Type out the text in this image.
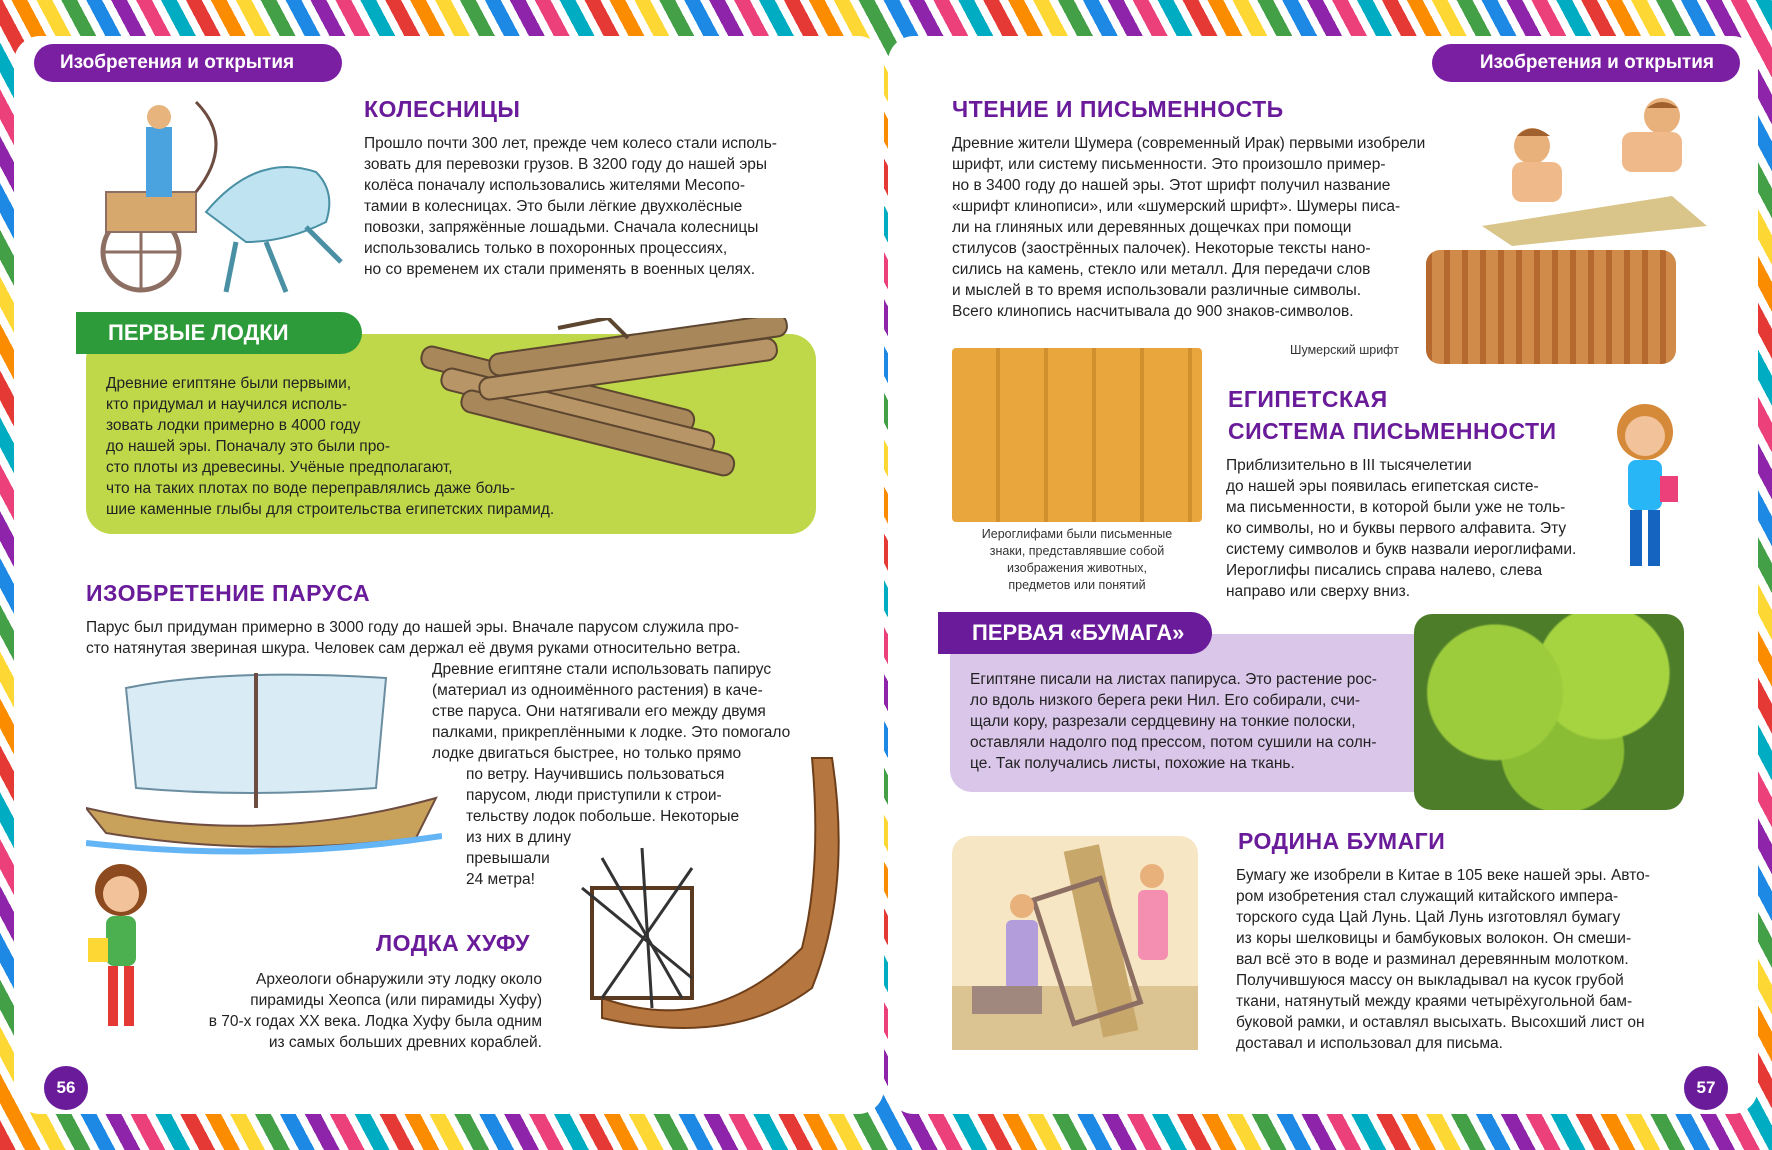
Изобретения и открытия	Изобретения и открытия
КОЛЕСНИЦЫ

Прошло почти 300 лет, прежде чем колесо стали исполь-

зовать для перевозки грузов. В 3200 году до нашей эры

колёса поначалу использовались жителями Месопо-

тамии в колесницах. Это были лёгкие двухколёсные

повозки, запряжённые лошадьми. Сначала колесницы

использовались только в похоронных процессиях,

но со временем их стали применять в военных целях.

ПЕРВЫЕ ЛОДКИ

Древние египтяне были первыми,

кто придумал и научился исполь-

зовать лодки примерно в 4000 году

до нашей эры. Поначалу это были про-

сто плоты из древесины. Учёные предполагают,

что на таких плотах по воде переправлялись даже боль-

шие каменные глыбы для строительства египетских пирамид.

ИЗОБРЕТЕНИЕ ПАРУСА

Парус был придуман примерно в 3000 году до нашей эры. Вначале парусом служила про-

сто натянутая звериная шкура. Человек сам держал её двумя руками относительно ветра.

Древние египтяне стали использовать папирус

(материал из одноимённого растения) в каче-

стве паруса. Они натягивали его между двумя

палками, прикреплёнными к лодке. Это помогало

лодке двигаться быстрее, но только прямо

по ветру. Научившись пользоваться

парусом, люди приступили к строи-

тельству лодок побольше. Некоторые

из них в длину

превышали

24 метра!

ЛОДКА ХУФУ

Археологи обнаружили эту лодку около

пирамиды Хеопса (или пирамиды Хуфу)

в 70-х годах XX века. Лодка Хуфу была одним

из самых больших древних кораблей.

56
ЧТЕНИЕ И ПИСЬМЕННОСТЬ

Древние жители Шумера (современный Ирак) первыми изобрели

шрифт, или систему письменности. Это произошло пример-

но в 3400 году до нашей эры. Этот шрифт получил название

«шрифт клинописи», или «шумерский шрифт». Шумеры писа-

ли на глиняных или деревянных дощечках при помощи

стилусов (заострённых палочек). Некоторые тексты нано-

сились на камень, стекло или металл. Для передачи слов

и мыслей в то время использовали различные символы.

Всего клинопись насчитывала до 900 знаков-символов.

Шумерский шрифт

Иероглифами были письменные

знаки, представлявшие собой

изображения животных,

предметов или понятий

ЕГИПЕТСКАЯ
СИСТЕМА ПИСЬМЕННОСТИ

Приблизительно в III тысячелетии

до нашей эры появилась египетская систе-

ма письменности, в которой были уже не толь-

ко символы, но и буквы первого алфавита. Эту

систему символов и букв назвали иероглифами.

Иероглифы писались справа налево, слева

направо или сверху вниз.

ПЕРВАЯ «БУМАГА»

Египтяне писали на листах папируса. Это растение рос-

ло вдоль низкого берега реки Нил. Его собирали, счи-

щали кору, разрезали сердцевину на тонкие полоски,

оставляли надолго под прессом, потом сушили на солн-

це. Так получались листы, похожие на ткань.

РОДИНА БУМАГИ

Бумагу же изобрели в Китае в 105 веке нашей эры. Авто-

ром изобретения стал служащий китайского импера-

торского суда Цай Лунь. Цай Лунь изготовлял бумагу

из коры шелковицы и бамбуковых волокон. Он смеши-

вал всё это в воде и разминал деревянным молотком.

Получившуюся массу он выкладывал на кусок грубой

ткани, натянутый между краями четырёхугольной бам-

буковой рамки, и оставлял высыхать. Высохший лист он

доставал и использовал для письма.

57
